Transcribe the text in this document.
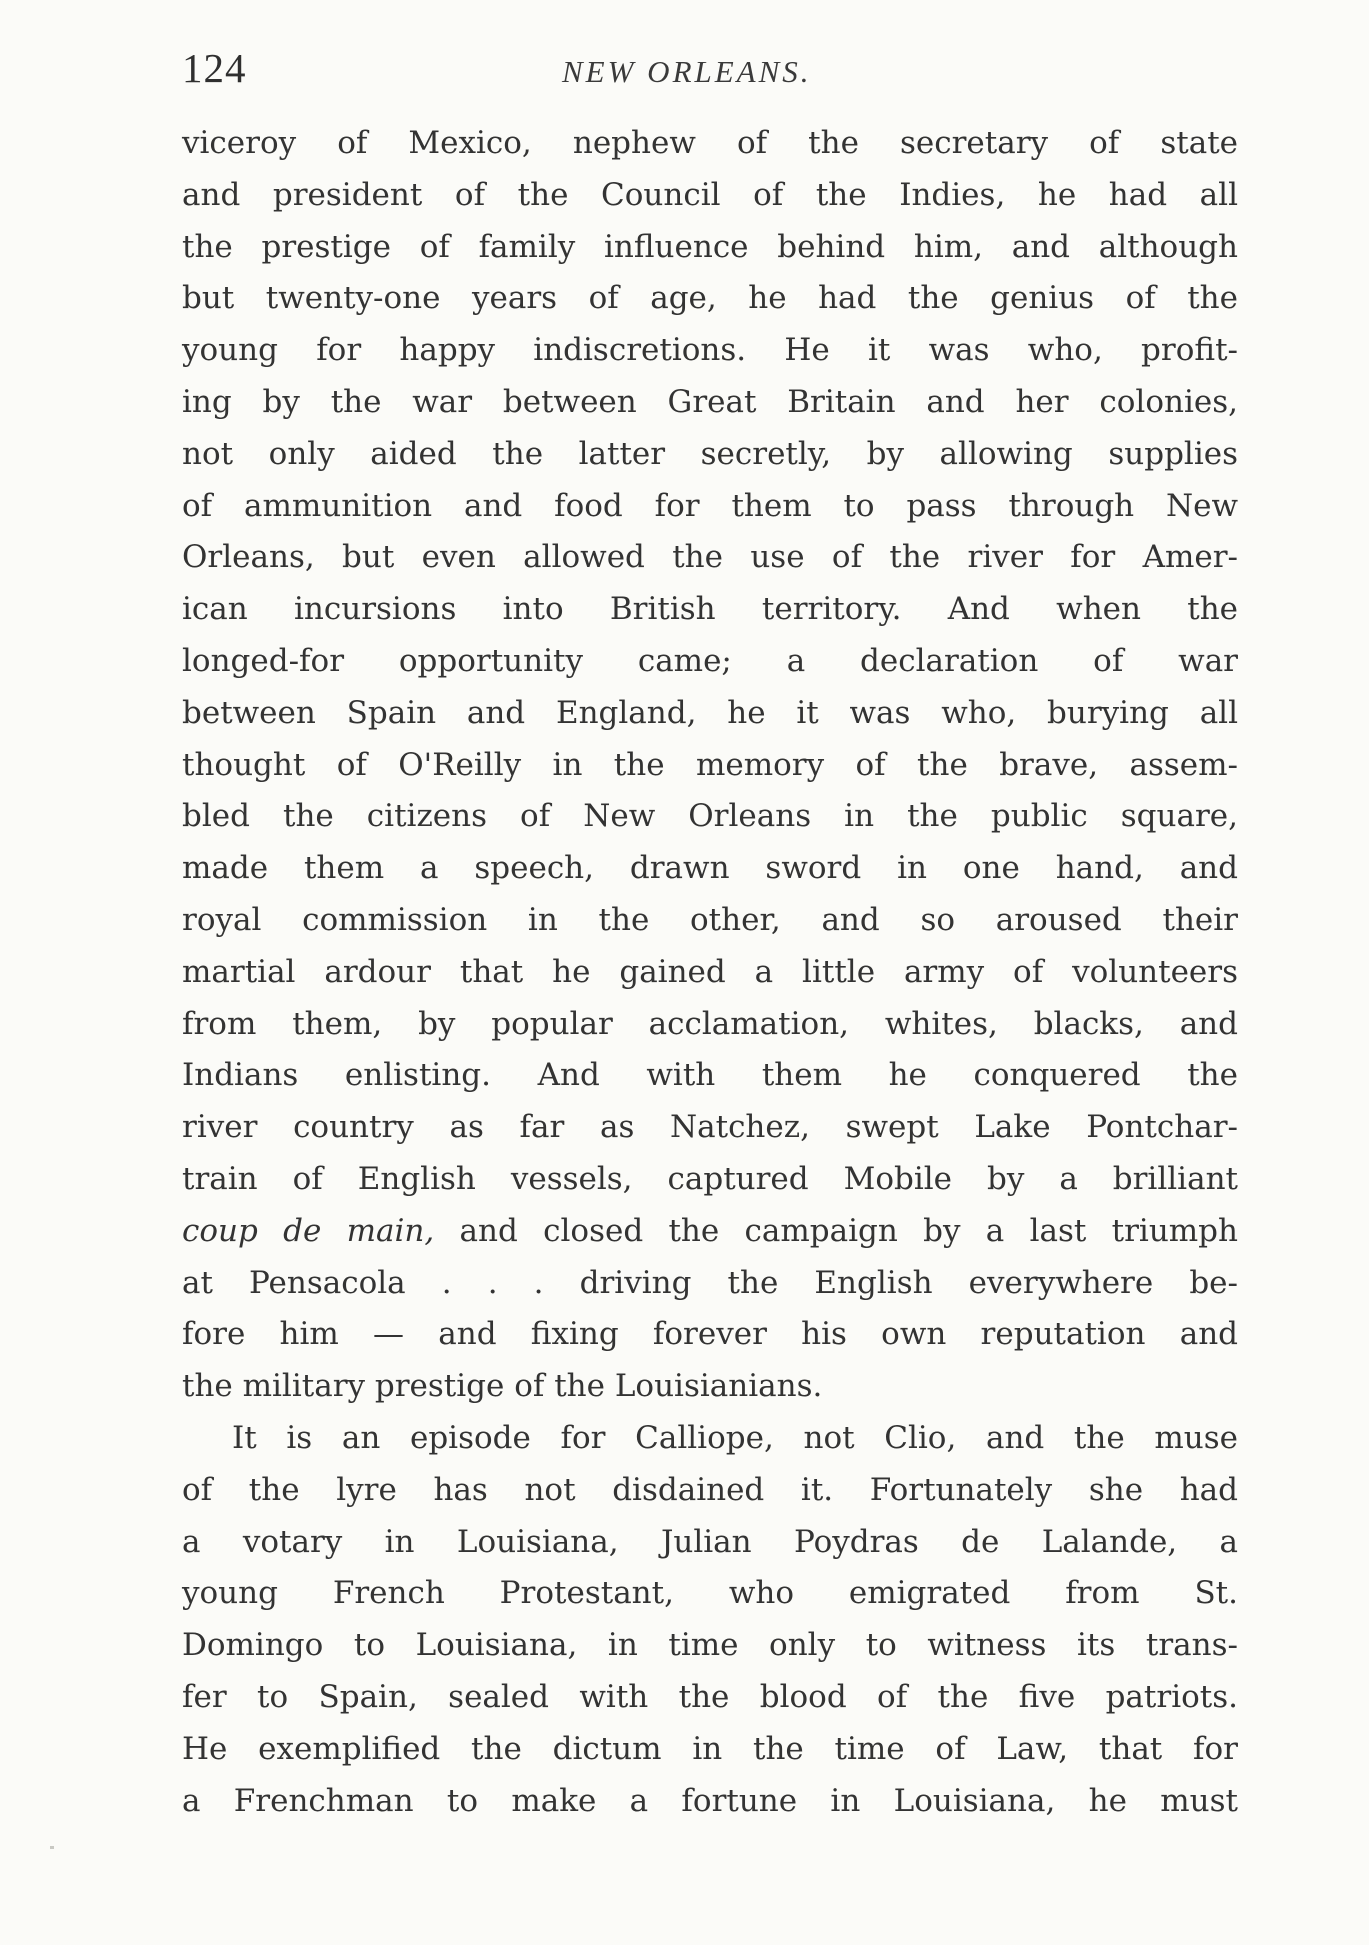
124	NEW ORLEANS.
viceroy of Mexico, nephew of the secretary of state
and president of the Council of the Indies, he had all
the prestige of family influence behind him, and although
but twenty-one years of age, he had the genius of the
young for happy indiscretions. He it was who, profit-
ing by the war between Great Britain and her colonies,
not only aided the latter secretly, by allowing supplies
of ammunition and food for them to pass through New
Orleans, but even allowed the use of the river for Amer-
ican incursions into British territory. And when the
longed-for opportunity came; a declaration of war
between Spain and England, he it was who, burying all
thought of O'Reilly in the memory of the brave, assem-
bled the citizens of New Orleans in the public square,
made them a speech, drawn sword in one hand, and
royal commission in the other, and so aroused their
martial ardour that he gained a little army of volunteers
from them, by popular acclamation, whites, blacks, and
Indians enlisting. And with them he conquered the
river country as far as Natchez, swept Lake Pontchar-
train of English vessels, captured Mobile by a brilliant
coup de main, and closed the campaign by a last triumph
at Pensacola . . . driving the English everywhere be-
fore him — and fixing forever his own reputation and
the military prestige of the Louisianians.
It is an episode for Calliope, not Clio, and the muse
of the lyre has not disdained it. Fortunately she had
a votary in Louisiana, Julian Poydras de Lalande, a
young French Protestant, who emigrated from St.
Domingo to Louisiana, in time only to witness its trans-
fer to Spain, sealed with the blood of the five patriots.
He exemplified the dictum in the time of Law, that for
a Frenchman to make a fortune in Louisiana, he must
